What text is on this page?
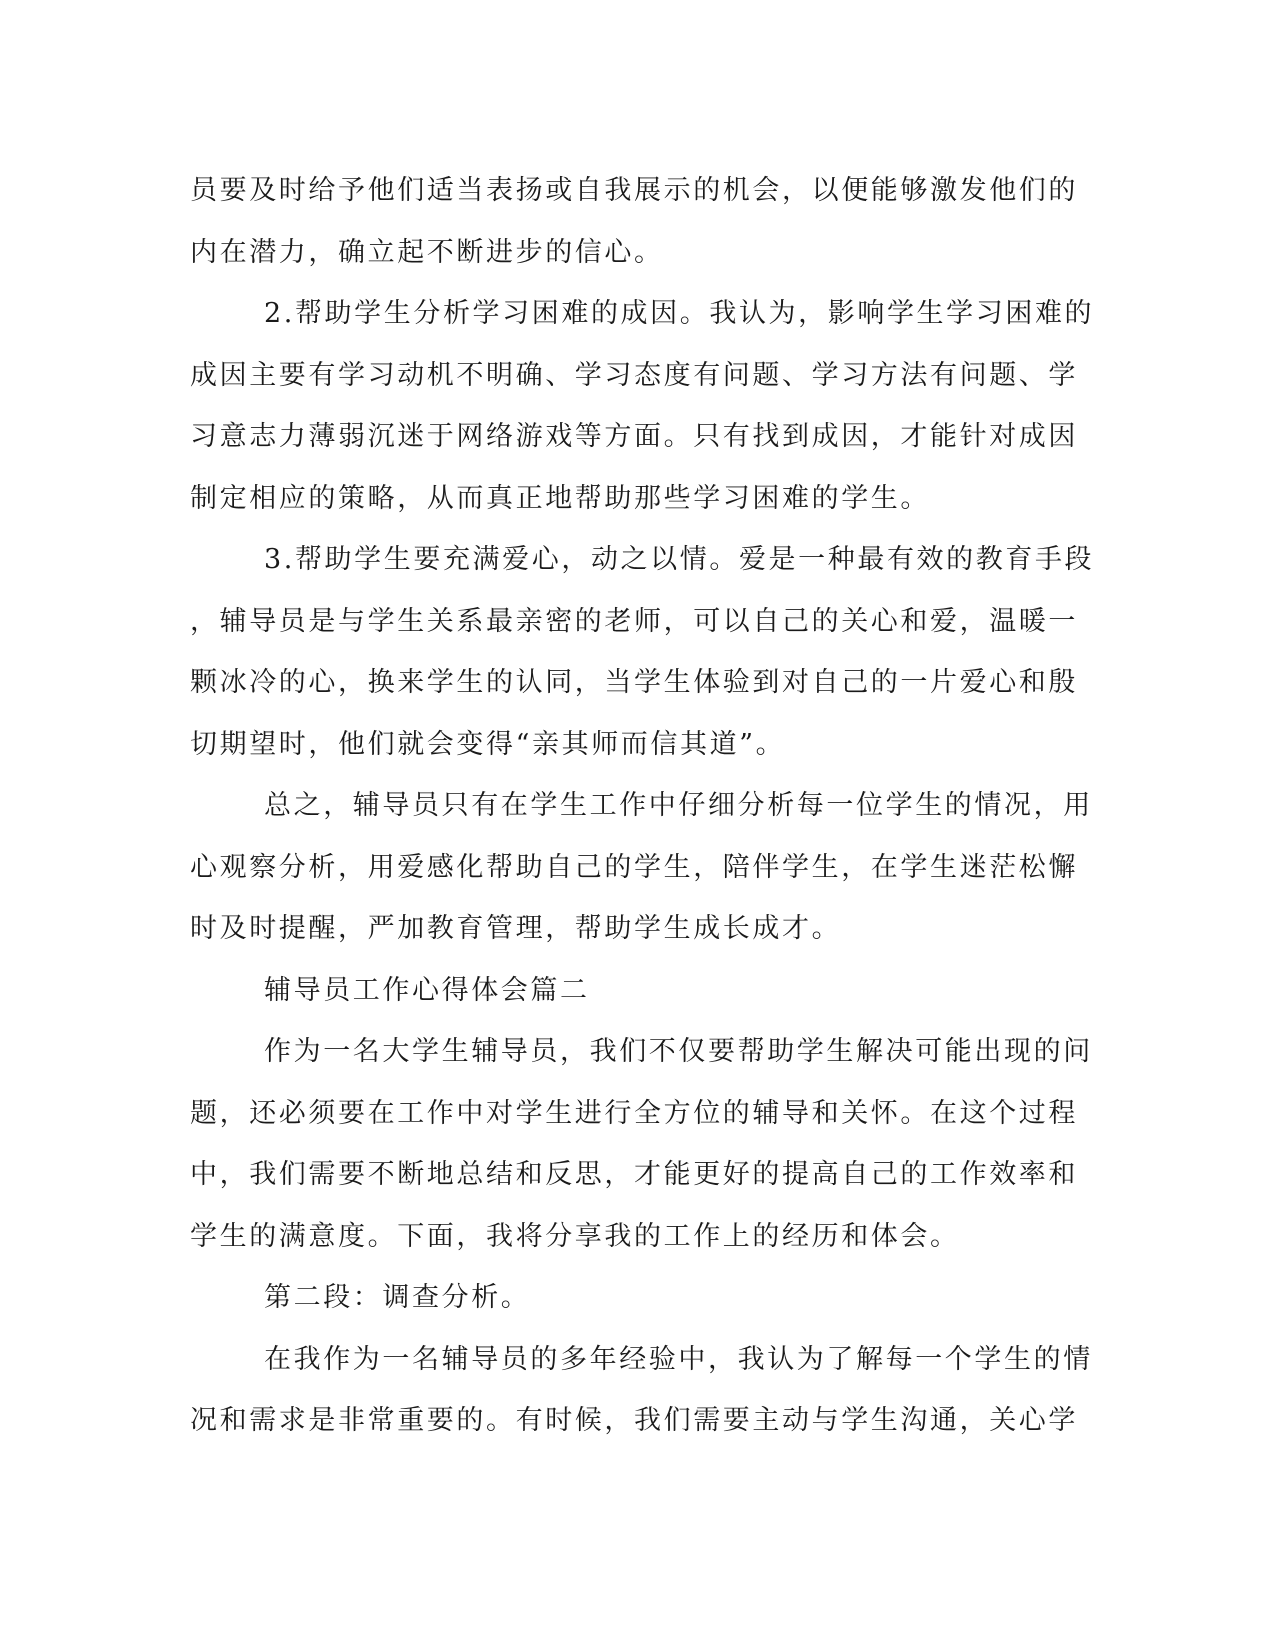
员要及时给予他们适当表扬或自我展示的机会，以便能够激发他们的
内在潜力，确立起不断进步的信心。
2.帮助学生分析学习困难的成因。我认为，影响学生学习困难的
成因主要有学习动机不明确、学习态度有问题、学习方法有问题、学
习意志力薄弱沉迷于网络游戏等方面。只有找到成因，才能针对成因
制定相应的策略，从而真正地帮助那些学习困难的学生。
3.帮助学生要充满爱心，动之以情。爱是一种最有效的教育手段
，辅导员是与学生关系最亲密的老师，可以自己的关心和爱，温暖一
颗冰冷的心，换来学生的认同，当学生体验到对自己的一片爱心和殷
切期望时，他们就会变得“亲其师而信其道”。
总之，辅导员只有在学生工作中仔细分析每一位学生的情况，用
心观察分析，用爱感化帮助自己的学生，陪伴学生，在学生迷茫松懈
时及时提醒，严加教育管理，帮助学生成长成才。
辅导员工作心得体会篇二
作为一名大学生辅导员，我们不仅要帮助学生解决可能出现的问
题，还必须要在工作中对学生进行全方位的辅导和关怀。在这个过程
中，我们需要不断地总结和反思，才能更好的提高自己的工作效率和
学生的满意度。下面，我将分享我的工作上的经历和体会。
第二段：调查分析。
在我作为一名辅导员的多年经验中，我认为了解每一个学生的情
况和需求是非常重要的。有时候，我们需要主动与学生沟通，关心学
